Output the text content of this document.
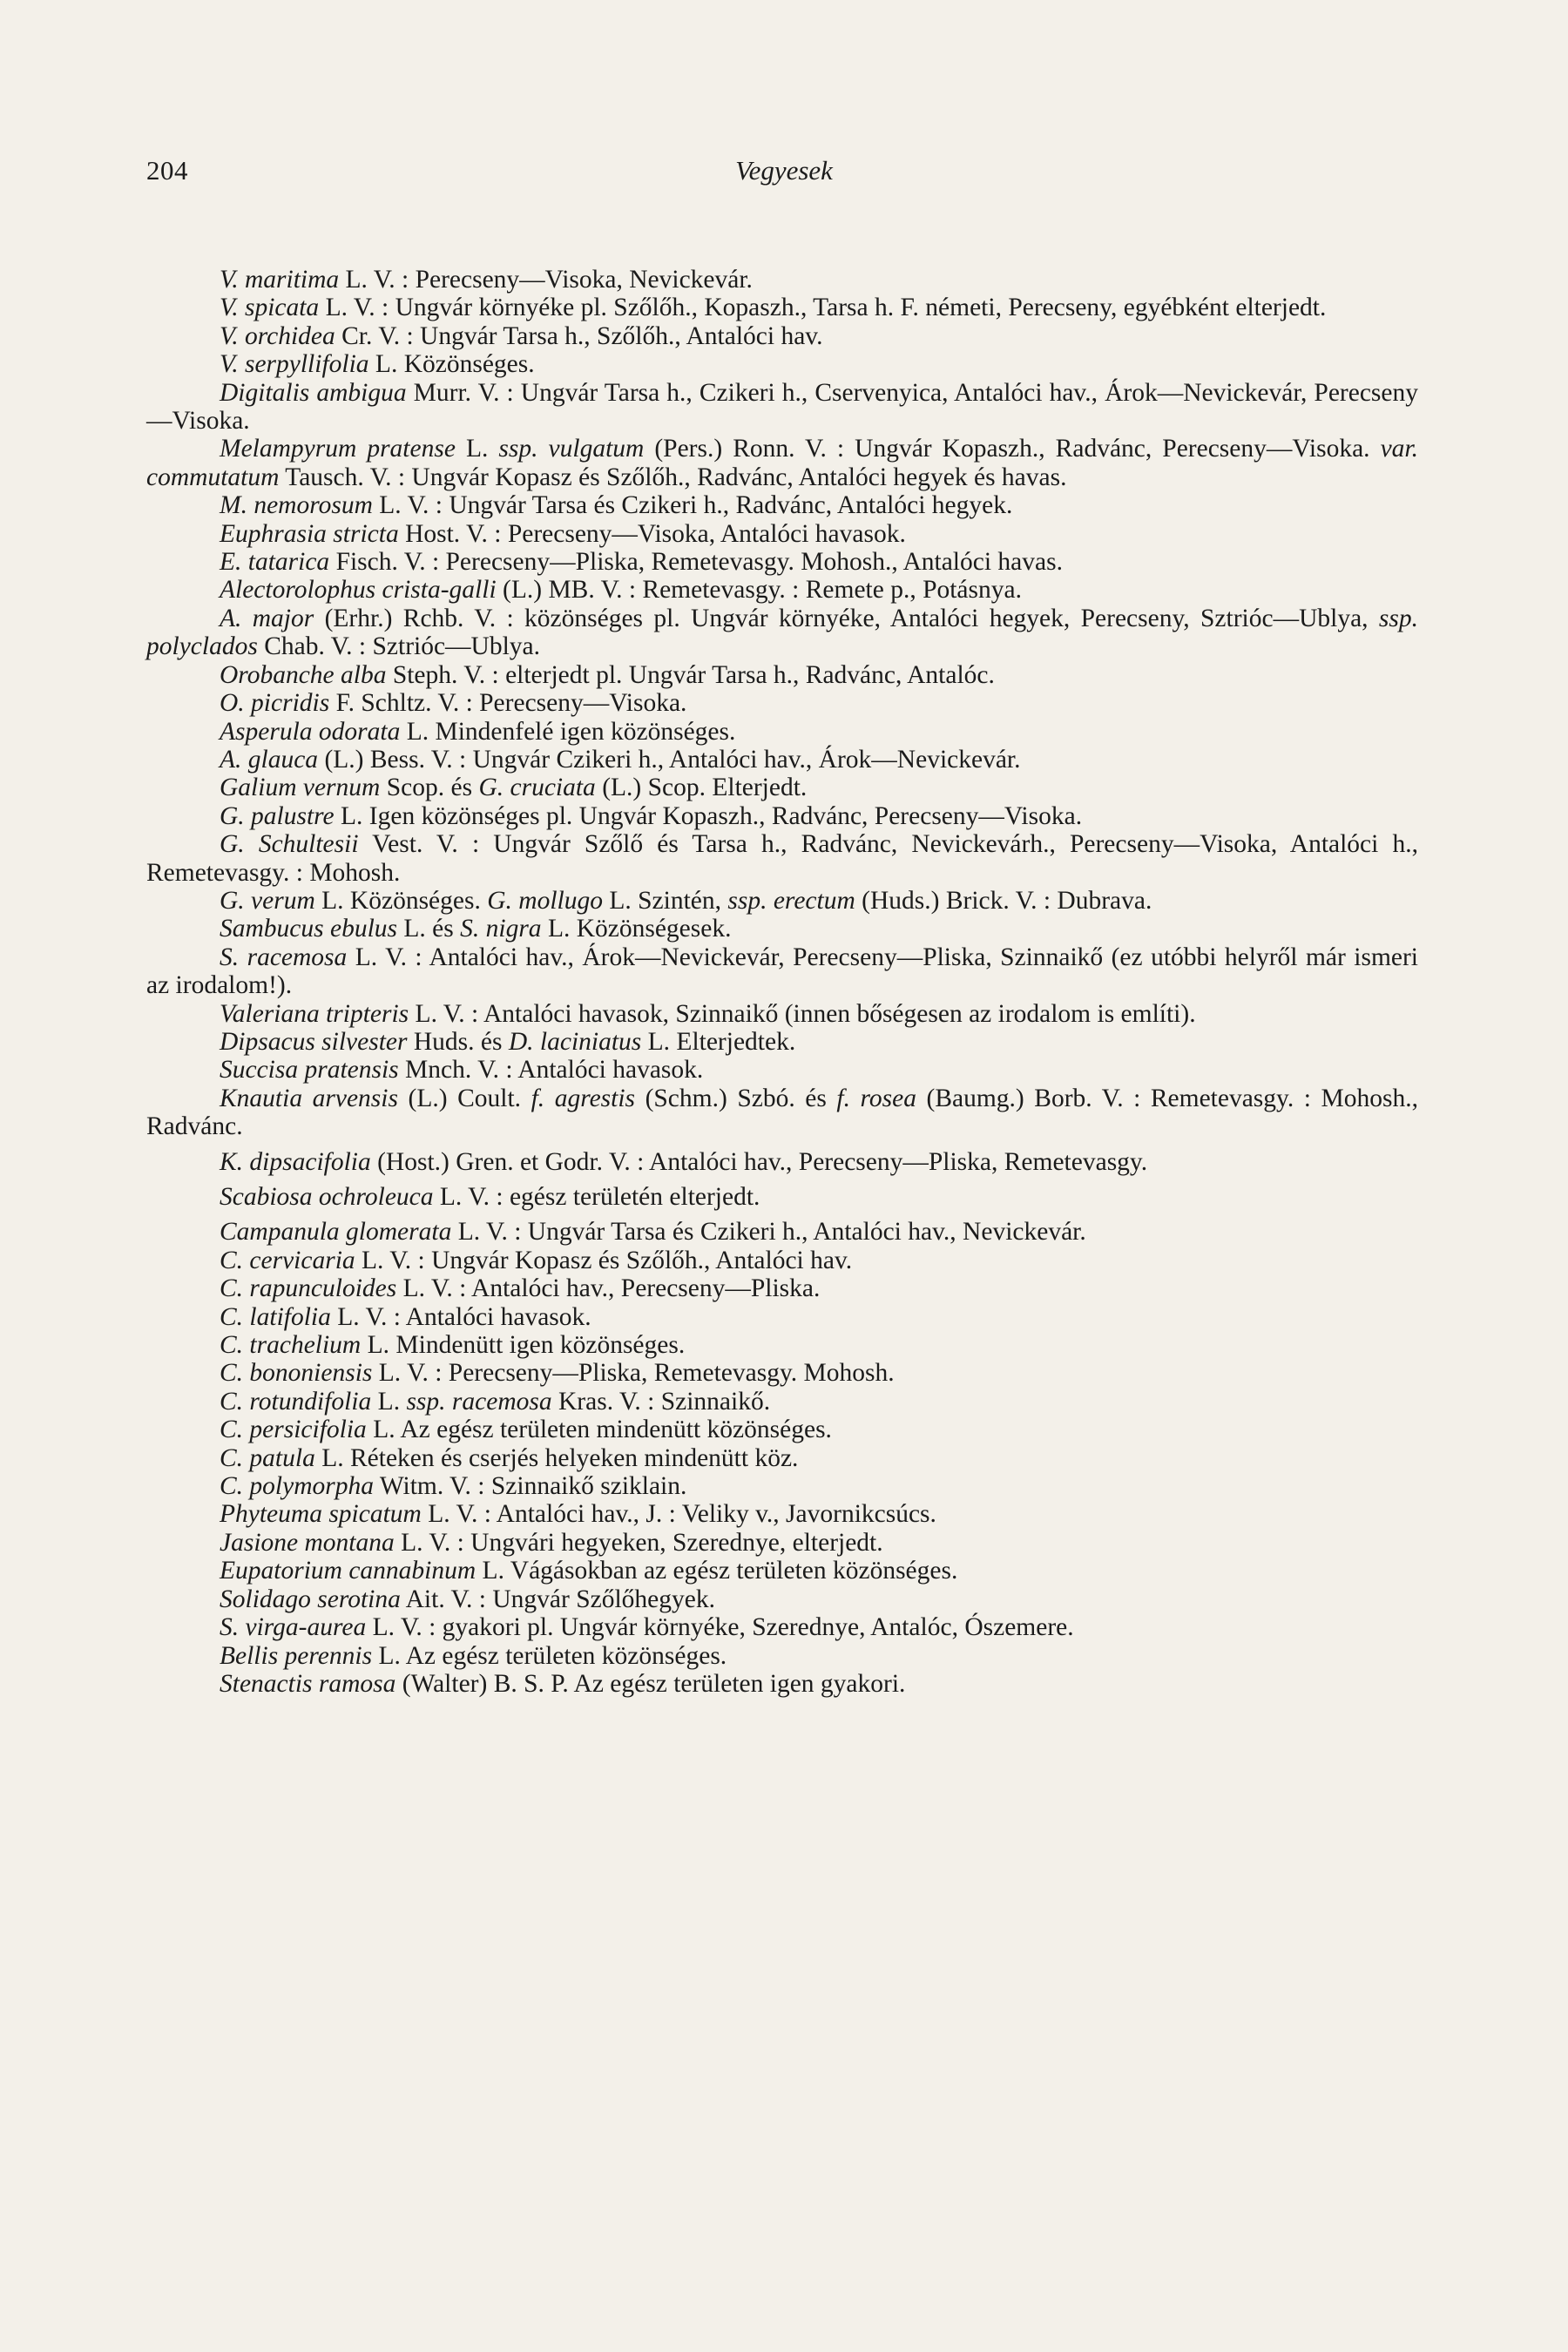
204	Vegyesek

V. maritima L. V. : Perecseny—Visoka, Nevickevár.

V. spicata L. V. : Ungvár környéke pl. Szőlőh., Kopaszh., Tarsa h. F. németi, Perecseny, egyébként elterjedt.

V. orchidea Cr. V. : Ungvár Tarsa h., Szőlőh., Antalóci hav.

V. serpyllifolia L. Közönséges.

Digitalis ambigua Murr. V. : Ungvár Tarsa h., Czikeri h., Cservenyica, Antalóci hav., Árok—Nevickevár, Perecseny—Visoka.

Melampyrum pratense L. ssp. vulgatum (Pers.) Ronn. V. : Ungvár Kopaszh., Radvánc, Perecseny—Visoka. var. commutatum Tausch. V. : Ungvár Kopasz és Szőlőh., Radvánc, Antalóci hegyek és havas.

M. nemorosum L. V. : Ungvár Tarsa és Czikeri h., Radvánc, Antalóci hegyek.

Euphrasia stricta Host. V. : Perecseny—Visoka, Antalóci havasok.

E. tatarica Fisch. V. : Perecseny—Pliska, Remetevasgy. Mohosh., Antalóci havas.

Alectorolophus crista-galli (L.) MB. V. : Remetevasgy. : Remete p., Potásnya.

A. major (Erhr.) Rchb. V. : közönséges pl. Ungvár környéke, Antalóci hegyek, Perecseny, Sztrióc—Ublya, ssp. polyclados Chab. V. : Sztrióc—Ublya.

Orobanche alba Steph. V. : elterjedt pl. Ungvár Tarsa h., Radvánc, Antalóc.

O. picridis F. Schltz. V. : Perecseny—Visoka.

Asperula odorata L. Mindenfelé igen közönséges.

A. glauca (L.) Bess. V. : Ungvár Czikeri h., Antalóci hav., Árok—Nevickevár.

Galium vernum Scop. és G. cruciata (L.) Scop. Elterjedt.

G. palustre L. Igen közönséges pl. Ungvár Kopaszh., Radvánc, Perecseny—Visoka.

G. Schultesii Vest. V. : Ungvár Szőlő és Tarsa h., Radvánc, Nevickevárh., Perecseny—Visoka, Antalóci h., Remetevasgy. : Mohosh.

G. verum L. Közönséges. G. mollugo L. Szintén, ssp. erectum (Huds.) Brick. V. : Dubrava.

Sambucus ebulus L. és S. nigra L. Közönségesek.

S. racemosa L. V. : Antalóci hav., Árok—Nevickevár, Perecseny—Pliska, Szinnaikő (ez utóbbi helyről már ismeri az irodalom!).

Valeriana tripteris L. V. : Antalóci havasok, Szinnaikő (innen bőségesen az irodalom is említi).

Dipsacus silvester Huds. és D. laciniatus L. Elterjedtek.

Succisa pratensis Mnch. V. : Antalóci havasok.

Knautia arvensis (L.) Coult. f. agrestis (Schm.) Szbó. és f. rosea (Baumg.) Borb. V. : Remetevasgy. : Mohosh., Radvánc.

K. dipsacifolia (Host.) Gren. et Godr. V. : Antalóci hav., Perecseny—Pliska, Remetevasgy.

Scabiosa ochroleuca L. V. : egész területén elterjedt.

Campanula glomerata L. V. : Ungvár Tarsa és Czikeri h., Antalóci hav., Nevickevár.

C. cervicaria L. V. : Ungvár Kopasz és Szőlőh., Antalóci hav.

C. rapunculoides L. V. : Antalóci hav., Perecseny—Pliska.

C. latifolia L. V. : Antalóci havasok.

C. trachelium L. Mindenütt igen közönséges.

C. bononiensis L. V. : Perecseny—Pliska, Remetevasgy. Mohosh.

C. rotundifolia L. ssp. racemosa Kras. V. : Szinnaikő.

C. persicifolia L. Az egész területen mindenütt közönséges.

C. patula L. Réteken és cserjés helyeken mindenütt köz.

C. polymorpha Witm. V. : Szinnaikő sziklain.

Phyteuma spicatum L. V. : Antalóci hav., J. : Veliky v., Javornikcsúcs.

Jasione montana L. V. : Ungvári hegyeken, Szerednye, elterjedt.

Eupatorium cannabinum L. Vágásokban az egész területen közönséges.

Solidago serotina Ait. V. : Ungvár Szőlőhegyek.

S. virga-aurea L. V. : gyakori pl. Ungvár környéke, Szerednye, Antalóc, Ószemere.

Bellis perennis L. Az egész területen közönséges.

Stenactis ramosa (Walter) B. S. P. Az egész területen igen gyakori.
